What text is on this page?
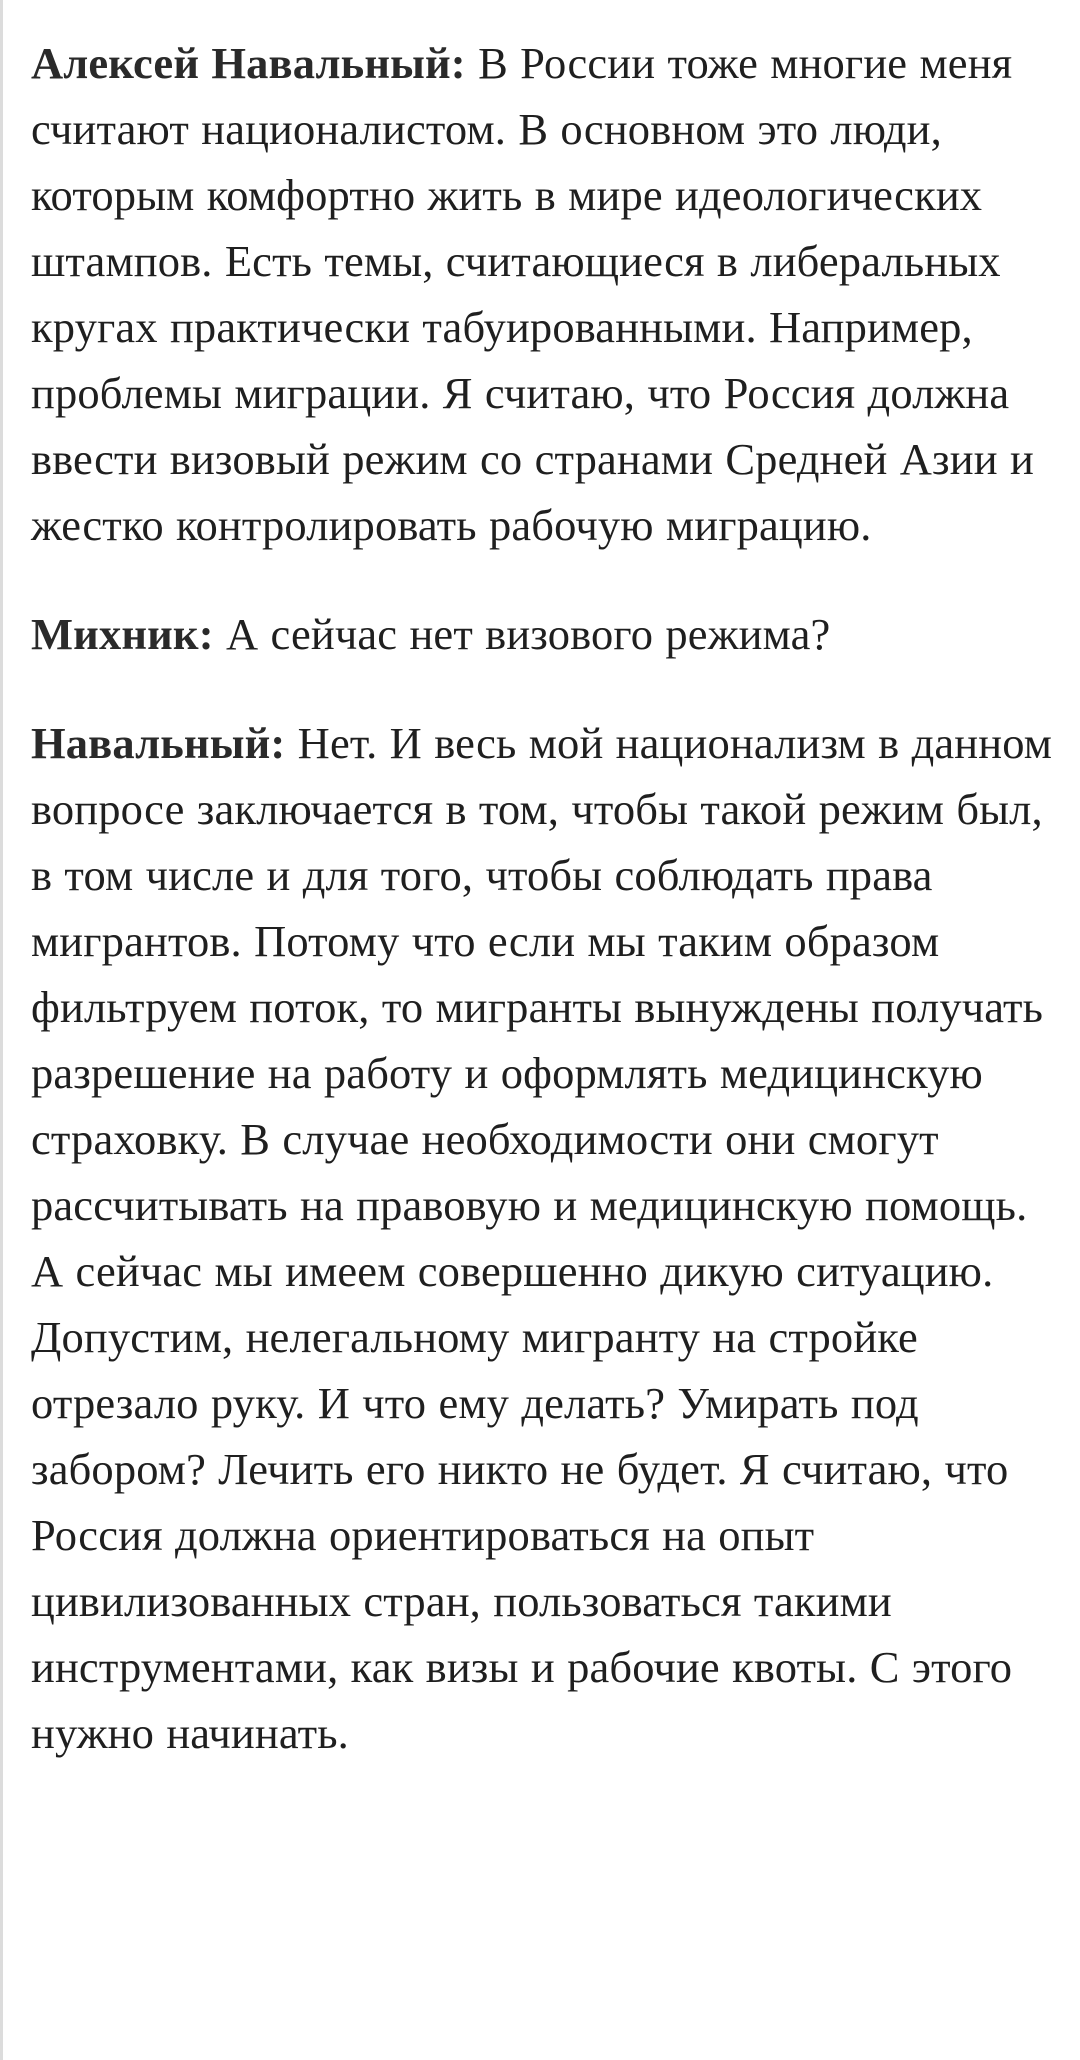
Алексей Навальный: В России тоже многие меня считают националистом. В основном это люди, которым комфортно жить в мире идеологических штампов. Есть темы, считающиеся в либеральных кругах практически табуированными. Например, проблемы миграции. Я считаю, что Россия должна ввести визовый режим со странами Средней Азии и жестко контролировать рабочую миграцию.

Михник: А сейчас нет визового режима?

Навальный: Нет. И весь мой национализм в данном вопросе заключается в том, чтобы такой режим был, в том числе и для того, чтобы соблюдать права мигрантов. Потому что если мы таким образом фильтруем поток, то мигранты вынуждены получать разрешение на работу и оформлять медицинскую страховку. В случае необходимости они смогут рассчитывать на правовую и медицинскую помощь. А сейчас мы имеем совершенно дикую ситуацию. Допустим, нелегальному мигранту на стройке отрезало руку. И что ему делать? Умирать под забором? Лечить его никто не будет. Я считаю, что Россия должна ориентироваться на опыт цивилизованных стран, пользоваться такими инструментами, как визы и рабочие квоты. С этого нужно начинать.
